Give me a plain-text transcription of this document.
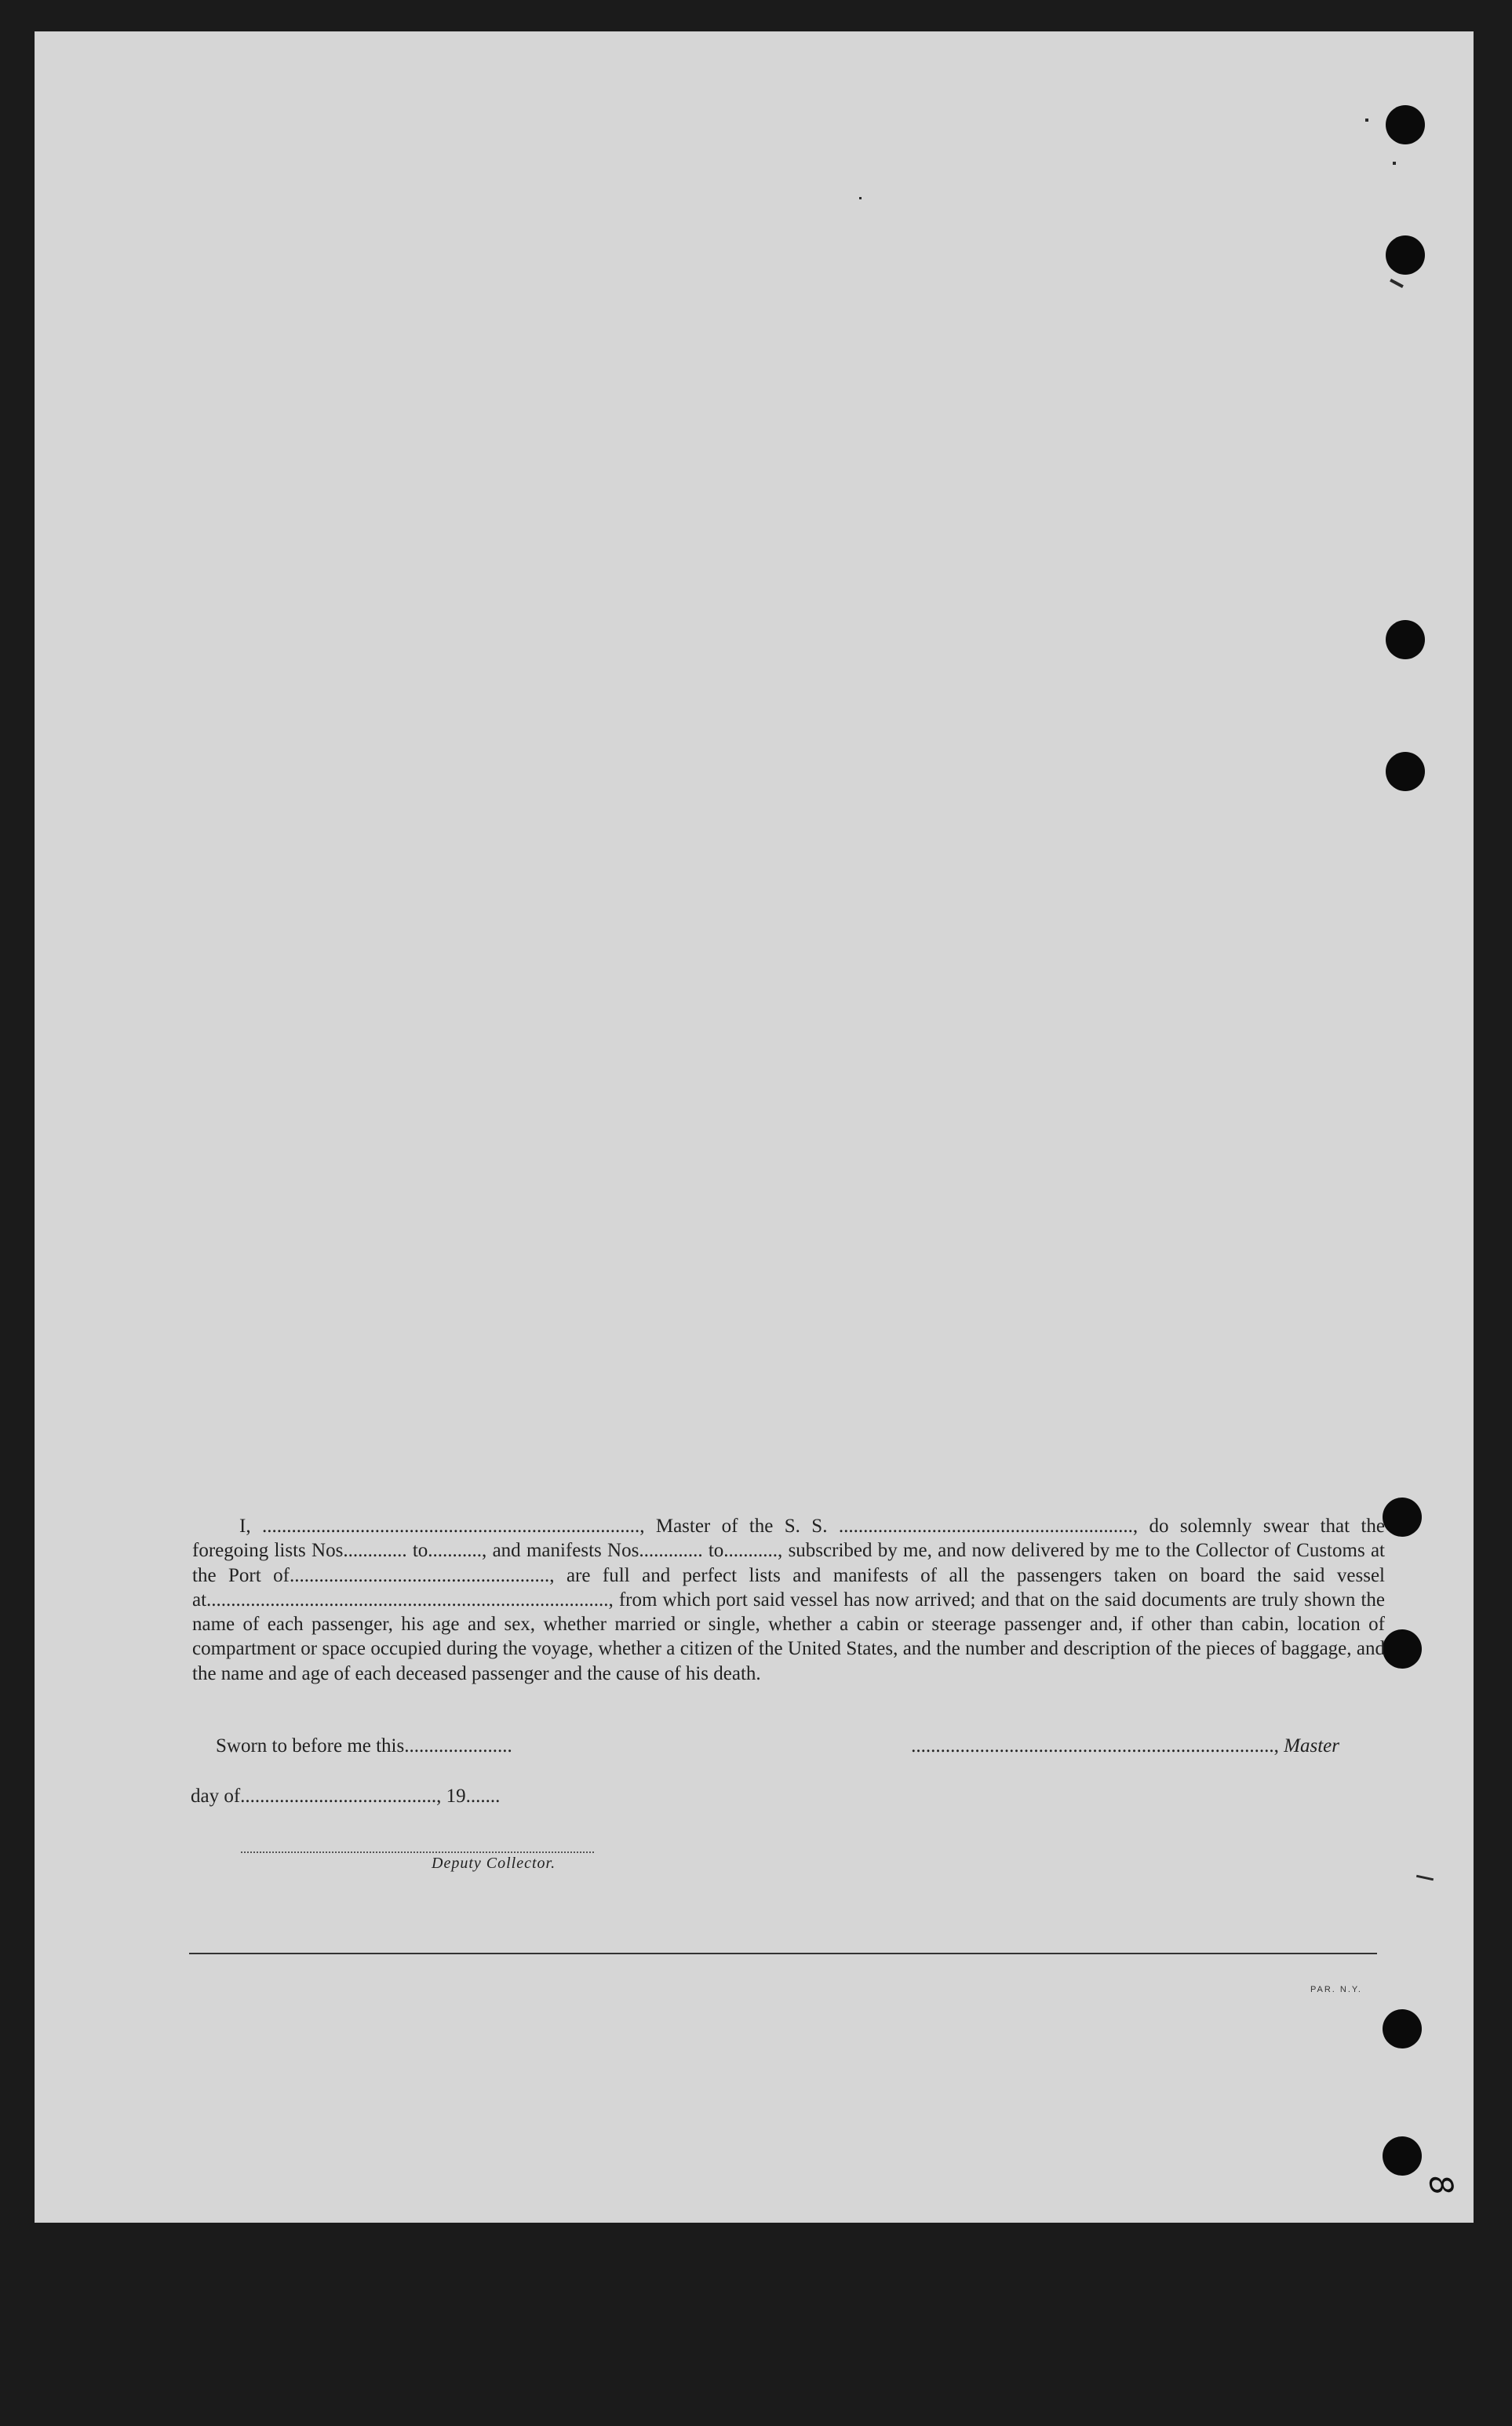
I, ............................................................................., Master of the S. S. ............................................................, do solemnly swear that the foregoing lists Nos............. to..........., and manifests Nos............. to..........., subscribed by me, and now delivered by me to the Collector of Customs at the Port of....................................................., are full and perfect lists and manifests of all the passengers taken on board the said vessel at.................................................................................., from which port said vessel has now arrived; and that on the said documents are truly shown the name of each passenger, his age and sex, whether married or single, whether a cabin or steerage passenger and, if other than cabin, location of compartment or space occupied during the voyage, whether a citizen of the United States, and the number and description of the pieces of baggage, and the name and age of each deceased passenger and the cause of his death.

Sworn to before me this......................	.........................................................................., Master

day of........................................, 19.......

Deputy Collector.

PAR. N.Y.

8
